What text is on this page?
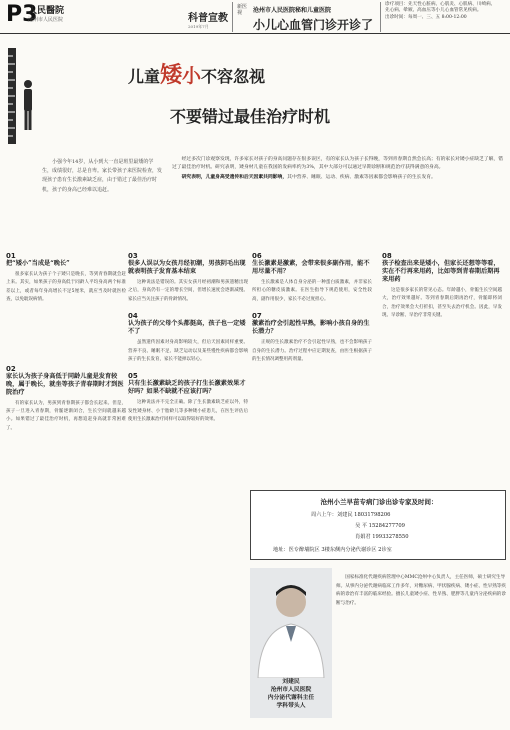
P3
人民醫院
沧州市人民医院	科普宣教
2019年7月
新医视	沧州市人民医院秘和儿童医院
小儿心血管门诊开诊了
诊疗项目：先天性心脏病、心肌炎、心肌病、川崎病、
先心病、晕厥、高血压等小儿心血管常见疾病。
出诊时间：每周一、三、五 8:00-12:00
儿童矮小不容忽视
不要错过最佳治疗时机
小强今年14岁，从小到大一直是班里最矮的学生，成绩很好，总是自卑。家长带孩子来医院检查，发现孩子患有生长激素缺乏症，由于错过了最佳治疗时机，孩子的身高已经难以追赶。

经过多次门诊观察发现，许多家长对孩子的身高问题存在很多误区，有的家长认为孩子长得晚，等到青春期自然会长高；有的家长对矮小症缺乏了解，错过了最佳治疗时机。研究表明，矮身材儿童在我国的发病率约为3%，其中大部分可以通过早期诊断和规范治疗获得满意的身高。

研究表明，儿童身高受遗传和后天因素共同影响，其中营养、睡眠、运动、疾病、激素等因素都会影响孩子的生长发育。

01
把“矮小”当成是“晚长”
很多家长认为孩子个子矮只是晚长，等到青春期就会赶上来。其实，如果孩子的身高低于同龄人平均身高两个标准差以上，或者每年身高增长不足5厘米，就应当及时就医检查，以免耽误病情。
02
家长认为孩子身高低于同龄儿童是发育较晚，属于晚长，就坐等孩子青春期时才到医院治疗
有的家长认为，男孩到青春期孩子都会长起来。但是，孩子一旦进入青春期，骨骺逐渐闭合，生长空间就越来越小。如果错过了最佳治疗时机，再想追赶身高就非常困难了。
03
很多人误以为女孩月经初潮，男孩阴毛出现就表明孩子发育基本结束
这种说法是错误的。其实女孩月经初潮和男孩遗精出现之后，身高仍有一定的增长空间，但增长速度会逐渐减慢。家长应当关注孩子的骨龄情况。
04
认为孩子的父母个头都挺高，孩子也一定矮不了
虽然遗传因素对身高影响较大，但后天因素同样重要。营养不良、睡眠不足、缺乏运动以及某些慢性疾病都会影响孩子的生长发育，家长不能掉以轻心。
05
只有生长激素缺乏的孩子打生长激素效果才好吗？如果不缺就不应该打吗？
这种说法并不完全正确。除了生长激素缺乏症以外，特发性矮身材、小于胎龄儿等多种矮小症患儿，在医生评估后使用生长激素治疗同样可以取得较好的效果。
06
生长激素是激素，会带来很多副作用，能不用尽量不用？
生长激素是人体自身分泌的一种蛋白质激素，并非家长所担心的糖皮质激素。在医生指导下规范使用，安全性较高，副作用很少，家长不必过度担心。
07
激素治疗会引起性早熟，影响小孩自身的生长潜力？
正规的生长激素治疗不会引起性早熟，也不会影响孩子自身的生长潜力。治疗过程中应定期复查，由医生根据孩子的生长情况调整用药剂量。
08
孩子检查出来是矮小，但家长还想等等看，实在不行再来用药，比如等到青春期后期再来用药
这是很多家长的常见心态。年龄越小，骨骺生长空间越大，治疗效果越好。等到青春期后期再治疗，骨骺即将闭合，治疗效果会大打折扣，甚至失去治疗机会。因此，早发现、早诊断、早治疗非常关键。
沧州小兰早苗专病门诊出诊专家及时间：
周六上午：刘建民 18031798206
吴 平 15284277709
肖娟君 19933278550
地址：医专醉墙院区 3楼东侧内分泌代谢诊区 2诊室
刘建民
沧州市人民医院
内分泌代谢科主任
学科带头人
国家标准化代谢疾病管理中心MMC沧州中心负责人，主任医师，硕士研究生导师。从事内分泌代谢病临床工作多年，对糖尿病、甲状腺疾病、矮小症、性早熟等疾病的诊治有丰富的临床经验。擅长儿童矮小症、性早熟、肥胖等儿童内分泌疾病的诊断与治疗。
